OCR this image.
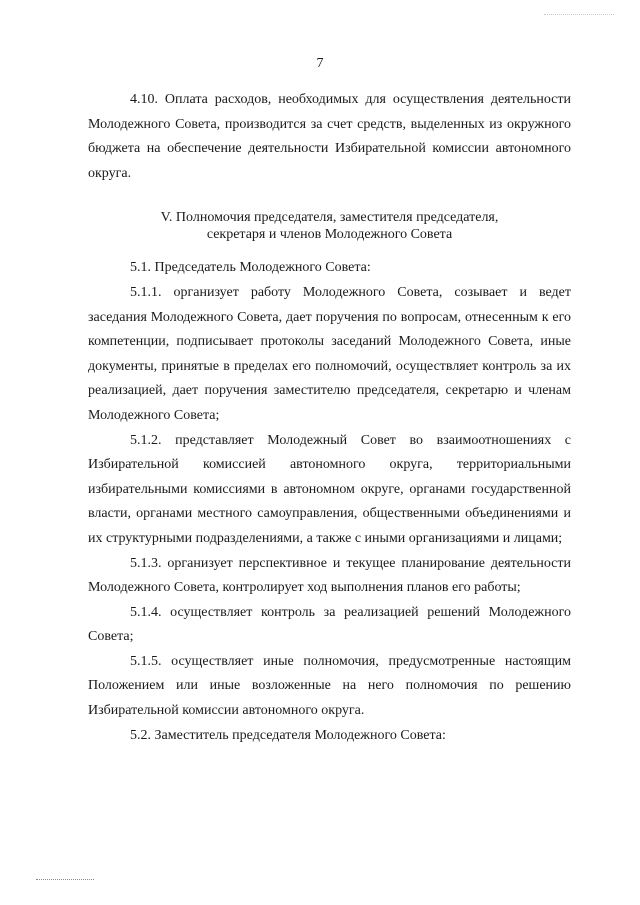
7

4.10. Оплата расходов, необходимых для осуществления деятельности Молодежного Совета, производится за счет средств, выделенных из окружного бюджета на обеспечение деятельности Избирательной комиссии автономного округа.

V. Полномочия председателя, заместителя председателя,

секретаря и членов Молодежного Совета

5.1. Председатель Молодежного Совета:

5.1.1. организует работу Молодежного Совета, созывает и ведет заседания Молодежного Совета, дает поручения по вопросам, отнесенным к его компетенции, подписывает протоколы заседаний Молодежного Совета, иные документы, принятые в пределах его полномочий, осуществляет контроль за их реализацией, дает поручения заместителю председателя, секретарю и членам Молодежного Совета;

5.1.2. представляет Молодежный Совет во взаимоотношениях с Избирательной комиссией автономного округа, территориальными избирательными комиссиями в автономном округе, органами государственной власти, органами местного самоуправления, общественными объединениями и их структурными подразделениями, а также с иными организациями и лицами;

5.1.3. организует перспективное и текущее планирование деятельности Молодежного Совета, контролирует ход выполнения планов его работы;

5.1.4. осуществляет контроль за реализацией решений Молодежного Совета;

5.1.5. осуществляет иные полномочия, предусмотренные настоящим Положением или иные возложенные на него полномочия по решению Избирательной комиссии автономного округа.

5.2. Заместитель председателя Молодежного Совета:
